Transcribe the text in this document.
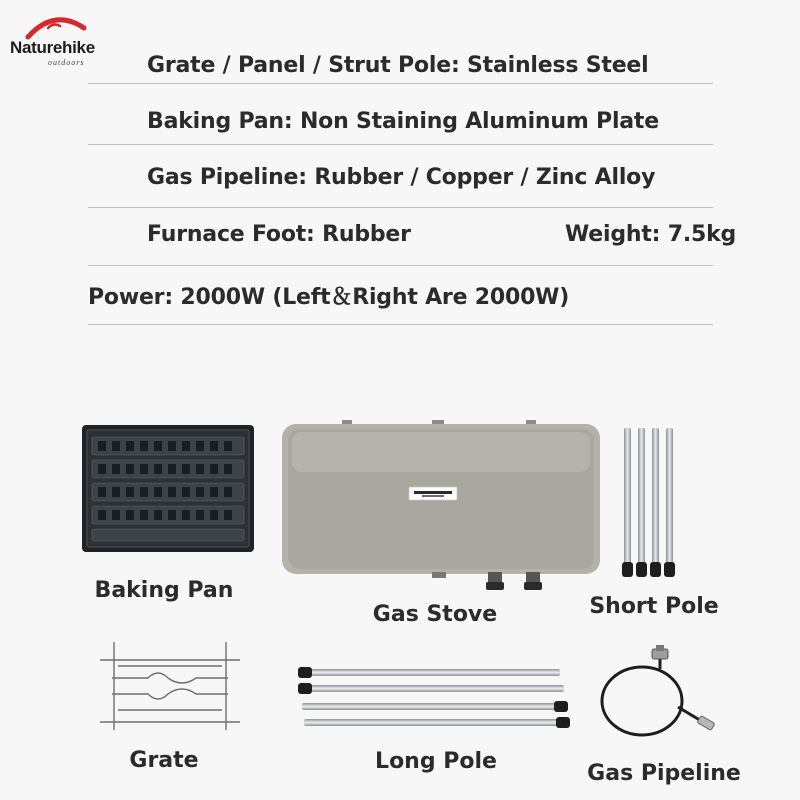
Naturehike
outdoors	Grate / Panel / Strut Pole: Stainless Steel
Baking Pan: Non Staining Aluminum Plate
Gas Pipeline: Rubber / Copper / Zinc Alloy
Furnace Foot: Rubber	Weight: 7.5kg
Power: 2000W (Left＆Right Are 2000W)
Baking Pan
Gas Stove	Short Pole
Grate	Long Pole	Gas Pipeline
